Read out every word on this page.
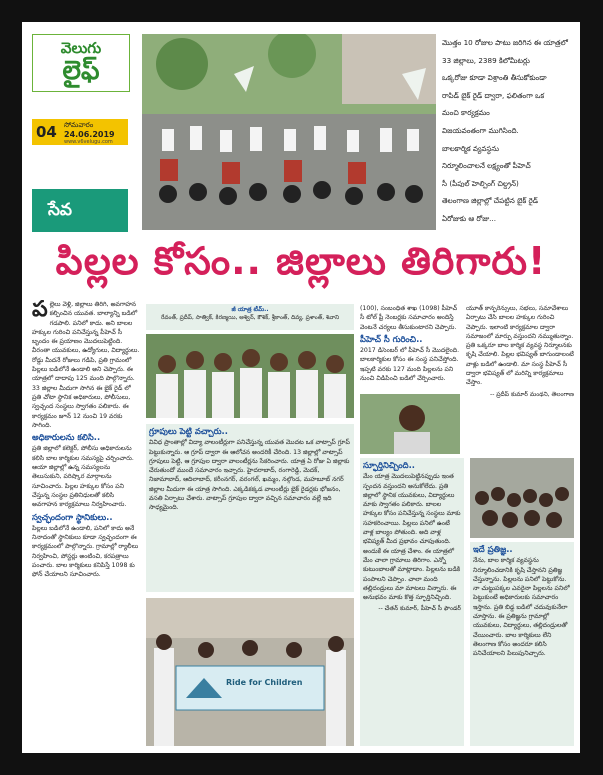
వెలుగు
లైఫ్
04 సోమవారం
24.06.2019
www.v6velugu.com
సేవ
మొత్తం 10 రోజుల పాటు జరిగిన ఈ యాత్రలో
33 జిల్లాలు, 2389 కిలోమీటర్లు
ఒక్కరోజు కూడా విశ్రాంతి తీసుకోకుండా
రాపిడ్ బైక్ రైడ్ ద్వారా, ఫలితంగా ఒక
మంచి కార్యక్రమం
విజయవంతంగా ముగిసింది.
బాలకార్మిక వ్యవస్థను
నిర్మూలించాలనే లక్ష్యంతో పీహెచ్
సీ (పీపుల్ హెల్పింగ్ చిల్డ్రన్)
తెలంగాణ జిల్లాల్లో చేపట్టిన బైక్ రైడ్
ఏరోజుకు ఆ రోజు...
పిల్లల కోసం.. జిల్లాలు తిరిగారు!

పల్లెలు వెళ్లి, జిల్లాలు తిరిగి, అవగాహన కల్పించిన యువత. బాల్యాన్ని బడిలో గడపాలి. పనిలో కాదు. అని బాలల హక్కుల గురించి పనిచేస్తున్న పీహెచ్ సీ బృందం ఈ ప్రయాణం మొదలుపెట్టింది. వీరంతా యువకులు, ఉద్యోగులు, విద్యార్థులు. రోడ్డు మీదనే రోజులు గడిపి, ప్రతి గ్రామంలో పిల్లలు బడిలోనే ఉండాలి అని చెప్పారు. ఈ యాత్రలో దాదాపు 125 మంది పాల్గొన్నారు. 33 జిల్లాల మీదుగా సాగిన ఈ బైక్ రైడ్ లో ప్రతి చోటా స్థానిక అధికారులు, పోలీసులు, స్వచ్ఛంద సంస్థలు స్వాగతం పలికారు. ఈ కార్యక్రమం జూన్ 12 నుంచి 19 వరకు సాగింది.

అధికారులను కలిసి..

ప్రతి జిల్లాలో కలెక్టర్, పోలీసు అధికారులను కలిసి బాల కార్మికుల సమస్యపై చర్చించారు. ఆయా జిల్లాల్లో ఉన్న సమస్యలను తెలుసుకుని, పరిష్కార మార్గాలను సూచించారు. పిల్లల హక్కుల కోసం పని చేస్తున్న సంస్థల ప్రతినిధులతో కలిసి అవగాహన కార్యక్రమాలు నిర్వహించారు.

స్వచ్ఛందంగా స్థానికులు..

పిల్లలు బడిలోనే ఉండాలి, పనిలో కాదు అనే నినాదంతో స్థానికులు కూడా స్వచ్ఛందంగా ఈ కార్యక్రమంలో పాల్గొన్నారు. గ్రామాల్లో ర్యాలీలు నిర్వహించి, పోస్టర్లు అంటించి, కరపత్రాలు పంచారు. బాల కార్మికులు కనిపిస్తే 1098 కు ఫోన్ చేయాలని సూచించారు.

జీ యాత్ర టీమ్..
రేవంత్, ప్రదీప్, సాత్విక్, కిరణ్మయి, అశ్విన్, కౌశిక్, శ్రీకాంత్, దివ్య, ప్రశాంత్, శివాని
గ్రూపులు పెట్టి వచ్చారు..

వివిధ ప్రాంతాల్లో విద్యా వాలంటీర్లుగా పనిచేస్తున్న యువత మొదట ఒక వాట్సాప్ గ్రూప్ పెట్టుకున్నారు. ఆ గ్రూప్ ద్వారా ఈ ఆలోచన అందరికీ చేరింది. 13 జిల్లాల్లో వాట్సాప్ గ్రూపులు పెట్టి, ఆ గ్రూపుల ద్వారా వాలంటీర్లను సేకరించారు. యాత్ర ఏ రోజు ఏ జిల్లాకు చేరుతుందో ముందే సమాచారం ఇచ్చారు. హైదరాబాద్, రంగారెడ్డి, మెదక్, నిజామాబాద్, ఆదిలాబాద్, కరీంనగర్, వరంగల్, ఖమ్మం, నల్గొండ, మహబూబ్ నగర్ జిల్లాల మీదుగా ఈ యాత్ర సాగింది. ఎక్కడికక్కడ వాలంటీర్లు బైక్ రైడర్లకు భోజనం, వసతి ఏర్పాటు చేశారు. వాట్సాప్ గ్రూపుల ద్వారా వచ్చిన సమాచారం వల్లే ఇది సాధ్యమైంది.

(100), సంబంధిత శాఖ (1098) పీహెచ్ సీ టోల్ ఫ్రీ నెంబర్లకు సమాచారం అందిస్తే వెంటనే చర్యలు తీసుకుంటారని చెప్పారు.

పీహెచ్ సీ గురించి..

2017 డిసెంబర్ లో పీహెచ్ సీ మొదలైంది. బాలకార్మికుల కోసం ఈ సంస్థ పనిచేస్తోంది. ఇప్పటి వరకు 127 మంది పిల్లలను పని నుంచి విడిపించి బడిలో చేర్పించారు.

యూత్ కాన్ఫరెన్సులు, సభలు, సమావేశాలు ఏర్పాటు చేసి బాలల హక్కుల గురించి చెప్పారు. ఇలాంటి కార్యక్రమాల ద్వారా సమాజంలో మార్పు వస్తుందని నమ్ముతున్నాం. ప్రతి ఒక్కరూ బాల కార్మిక వ్యవస్థ నిర్మూలనకు కృషి చేయాలి. పిల్లల భవిష్యత్ బాగుండాలంటే వాళ్లు బడిలో ఉండాలి. మా సంస్థ పీహెచ్ సీ ద్వారా భవిష్యత్ లో మరిన్ని కార్యక్రమాలు చేస్తాం.

-- ప్రదీప్ కుమార్ మంథని, తెలంగాణ
స్ఫూర్తినిచ్చింది..

మేం యాత్ర మొదలుపెట్టినప్పుడు ఇంత స్పందన వస్తుందని అనుకోలేదు. ప్రతి జిల్లాలో స్థానిక యువకులు, విద్యార్థులు మాకు స్వాగతం పలికారు. బాలల హక్కుల కోసం పనిచేస్తున్న సంస్థలు మాకు సహకరించాయి. పిల్లలు పనిలో ఉంటే వాళ్ల బాల్యం పోతుంది. అది వాళ్ల భవిష్యత్ మీద ప్రభావం చూపుతుంది. అందుకే ఈ యాత్ర చేశాం. ఈ యాత్రలో మేం చాలా గ్రామాలు తిరిగాం. ఎన్నో కుటుంబాలతో మాట్లాడాం. పిల్లలను బడికి పంపాలని చెప్పాం. చాలా మంది తల్లిదండ్రులు మా మాటలు విన్నారు. ఈ అనుభవం మాకు కొత్త స్ఫూర్తినిచ్చింది.

-- చేతన్ కుమార్, పీహెచ్ సీ ఫౌండర్
ఇదే ప్రతిజ్ఞ..

నేను, బాల కార్మిక వ్యవస్థను నిర్మూలించడానికి కృషి చేస్తానని ప్రతిజ్ఞ చేస్తున్నాను. పిల్లలను పనిలో పెట్టుకోను. నా చుట్టుపక్కల ఎవరైనా పిల్లలను పనిలో పెట్టుకుంటే అధికారులకు సమాచారం ఇస్తాను. ప్రతి బిడ్డ బడిలో చదువుకునేలా చూస్తాను. ఈ ప్రతిజ్ఞను గ్రామాల్లో యువకులు, విద్యార్థులు, తల్లిదండ్రులతో చేయించారు. బాల కార్మికులు లేని తెలంగాణ కోసం అందరూ కలిసి పనిచేయాలని పిలుపునిచ్చారు.

Ride for Children
